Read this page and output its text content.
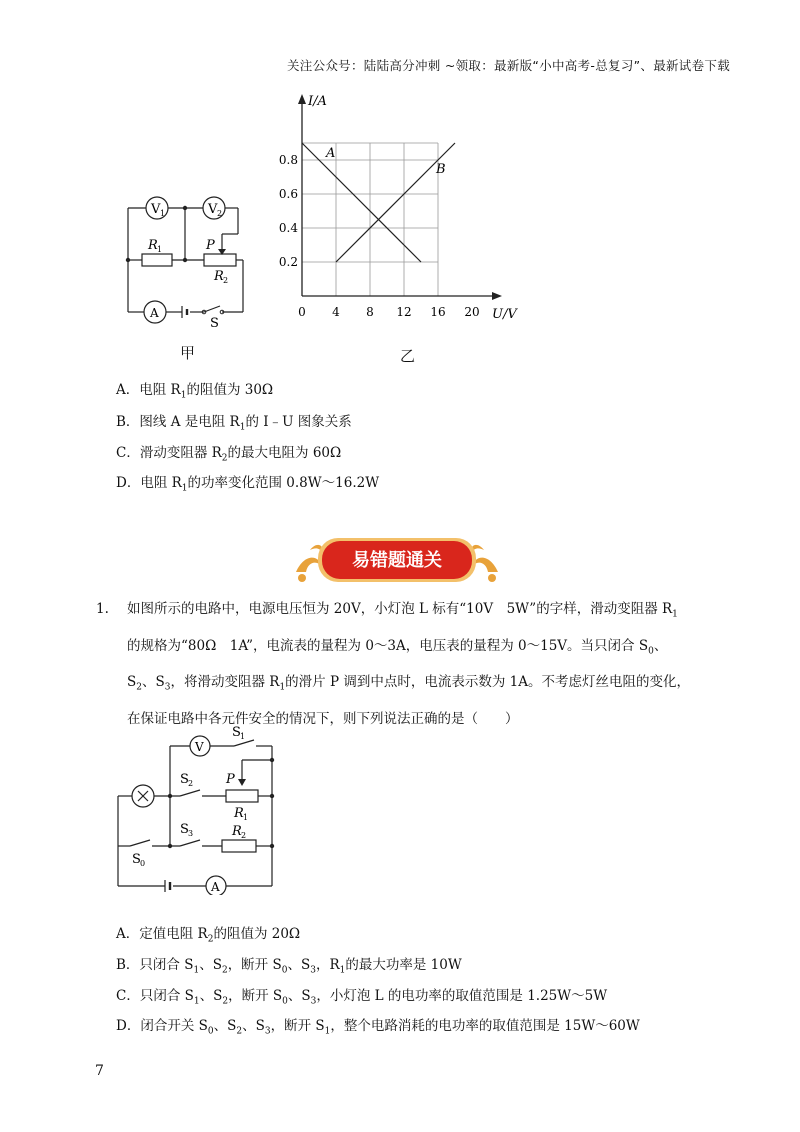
关注公众号：陆陆高分冲刺 ~领取：最新版“小中高考-总复习”、最新试卷下载
V 1	V 2
R 1	P
R 2
A
S
0 4 8 12 16 20
0.2
0.4
0.6
0.8
I/A
U/V
A
B
甲	乙
A．电阻 $R_1$的阻值为 30Ω
B．图线 A 是电阻 $R_1$的 I﹣U 图象关系
C．滑动变阻器 $R_2$的最大电阻为 60Ω
D．电阻 $R_1$的功率变化范围 0.8W～16.2W
易错题通关
1. 如图所示的电路中，电源电压恒为 20V，小灯泡 L 标有“10V　5W”的字样，滑动变阻器 $R_1$
的规格为“80Ω　1A”，电流表的量程为 0～3A，电压表的量程为 0～15V。当只闭合 $S_0$、
$S_2$、$S_3$，将滑动变阻器 $R_1$的滑片 P 调到中点时，电流表示数为 1A。不考虑灯丝电阻的变化，
在保证电路中各元件安全的情况下，则下列说法正确的是（　　）
V
S 1
S 2	P
R 1
S 3	R 2
S 0
A
A．定值电阻 $R_2$的阻值为 20Ω
B．只闭合 $S_1$、$S_2$，断开 $S_0$、$S_3$，$R_1$的最大功率是 10W
C．只闭合 $S_1$、$S_2$，断开 $S_0$、$S_3$，小灯泡 L 的电功率的取值范围是 1.25W～5W
D．闭合开关 $S_0$、$S_2$、$S_3$，断开 $S_1$，整个电路消耗的电功率的取值范围是 15W～60W
7
